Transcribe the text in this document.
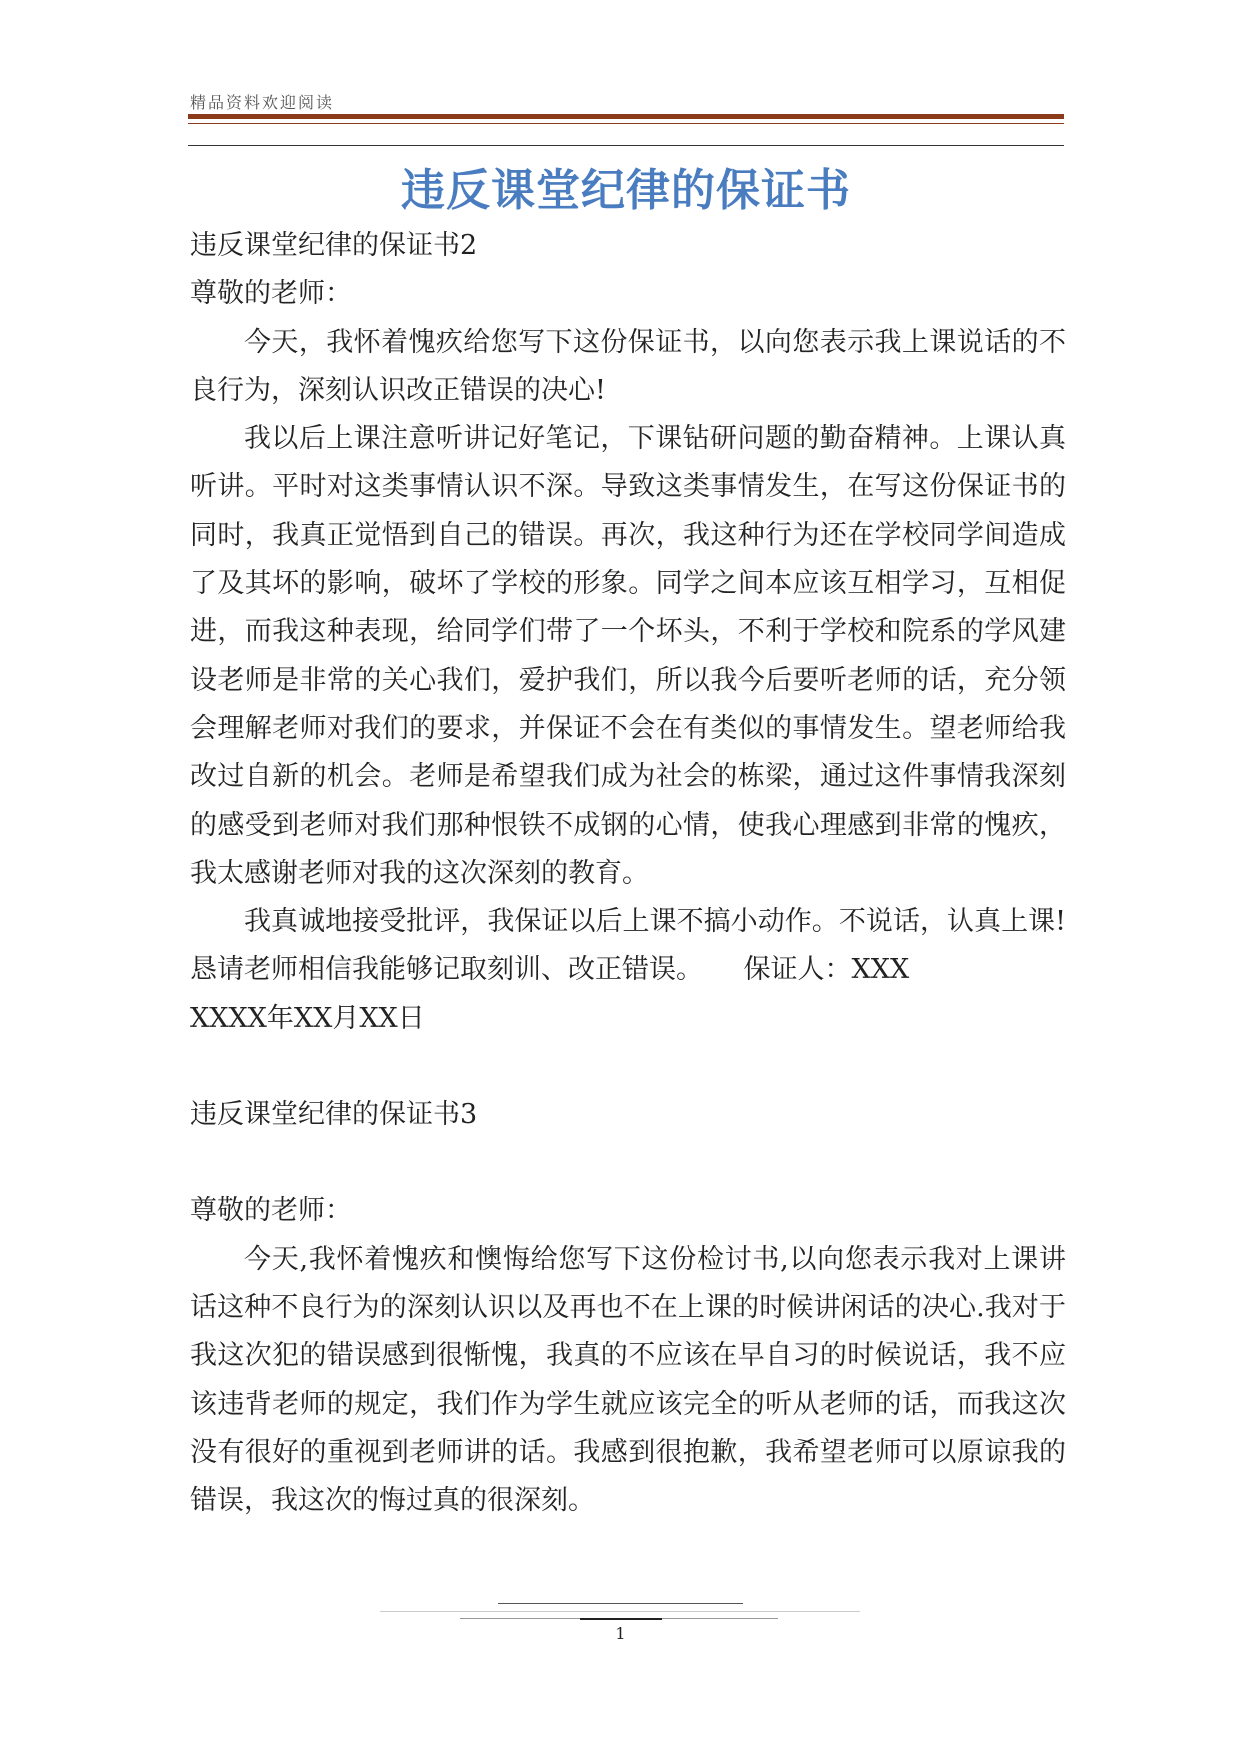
精品资料欢迎阅读
违反课堂纪律的保证书

违反课堂纪律的保证书2

尊敬的老师：

今天，我怀着愧疚给您写下这份保证书，以向您表示我上课说话的不良行为，深刻认识改正错误的决心!

我以后上课注意听讲记好笔记，下课钻研问题的勤奋精神。上课认真听讲。平时对这类事情认识不深。导致这类事情发生，在写这份保证书的同时，我真正觉悟到自己的错误。再次，我这种行为还在学校同学间造成了及其坏的影响，破坏了学校的形象。同学之间本应该互相学习，互相促进，而我这种表现，给同学们带了一个坏头，不利于学校和院系的学风建设老师是非常的关心我们，爱护我们，所以我今后要听老师的话，充分领会理解老师对我们的要求，并保证不会在有类似的事情发生。望老师给我改过自新的机会。老师是希望我们成为社会的栋梁，通过这件事情我深刻的感受到老师对我们那种恨铁不成钢的心情，使我心理感到非常的愧疚，我太感谢老师对我的这次深刻的教育。

我真诚地接受批评，我保证以后上课不搞小动作。不说话，认真上课!恳请老师相信我能够记取刻训、改正错误。　　保证人：XXX

XXXX年XX月XX日

违反课堂纪律的保证书3

尊敬的老师：

今天,我怀着愧疚和懊悔给您写下这份检讨书,以向您表示我对上课讲话这种不良行为的深刻认识以及再也不在上课的时候讲闲话的决心.我对于我这次犯的错误感到很惭愧，我真的不应该在早自习的时候说话，我不应该违背老师的规定，我们作为学生就应该完全的听从老师的话，而我这次没有很好的重视到老师讲的话。我感到很抱歉，我希望老师可以原谅我的错误，我这次的悔过真的很深刻。

1
